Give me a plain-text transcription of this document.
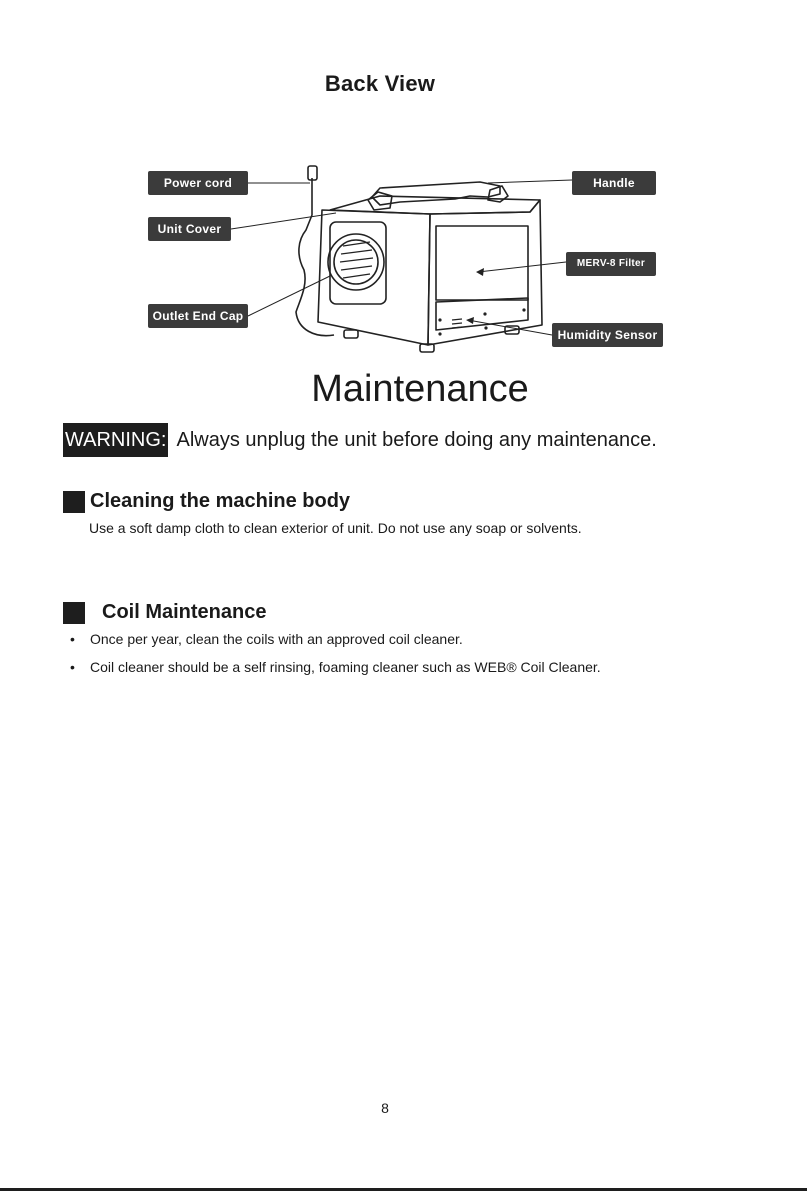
Back View
Power cord
Unit Cover
Outlet End Cap
Handle
MERV-8 Filter
Humidity Sensor
Maintenance
WARNING: Always unplug the unit before doing any maintenance.
Cleaning the machine body
Use a soft damp cloth to clean exterior of unit. Do not use any soap or solvents.
Coil Maintenance
•	Once per year, clean the coils with an approved coil cleaner.
•	Coil cleaner should be a self rinsing, foaming cleaner such as WEB® Coil Cleaner.
8
